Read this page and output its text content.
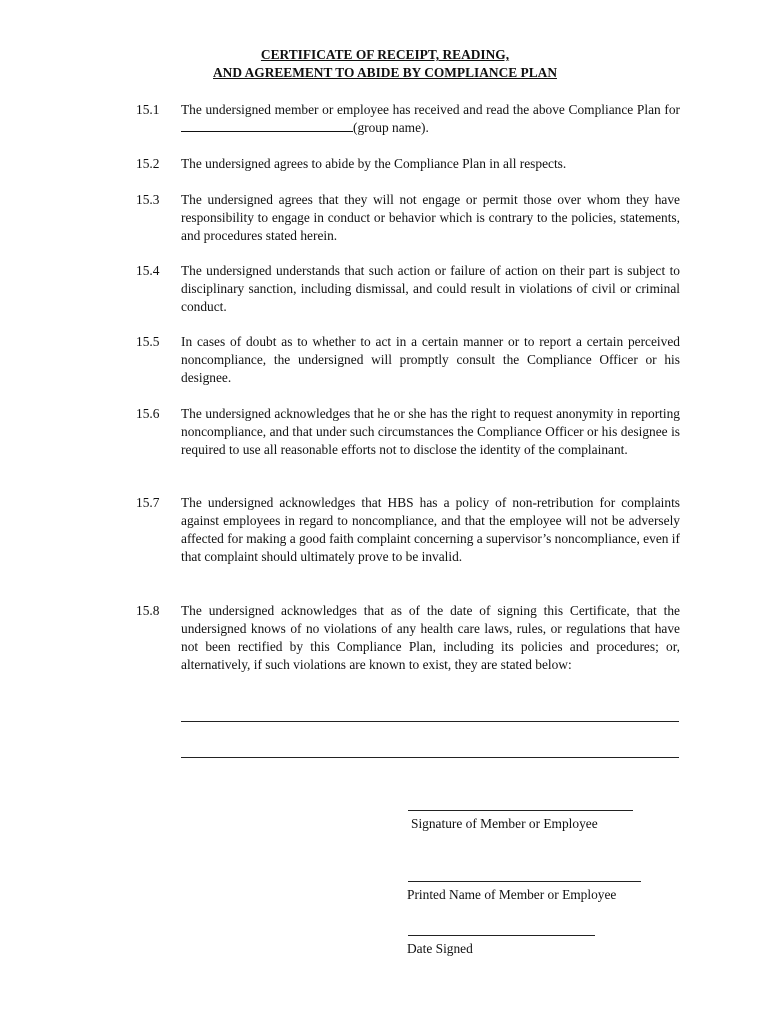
CERTIFICATE OF RECEIPT, READING,
AND AGREEMENT TO ABIDE BY COMPLIANCE PLAN
15.1	The undersigned member or employee has received and read the above Compliance Plan for (group name).
15.2	The undersigned agrees to abide by the Compliance Plan in all respects.
15.3	The undersigned agrees that they will not engage or permit those over whom they have responsibility to engage in conduct or behavior which is contrary to the policies, statements, and procedures stated herein.
15.4	The undersigned understands that such action or failure of action on their part is subject to disciplinary sanction, including dismissal, and could result in violations of civil or criminal conduct.
15.5	In cases of doubt as to whether to act in a certain manner or to report a certain perceived noncompliance, the undersigned will promptly consult the Compliance Officer or his designee.
15.6	The undersigned acknowledges that he or she has the right to request anonymity in reporting noncompliance, and that under such circumstances the Compliance Officer or his designee is required to use all reasonable efforts not to disclose the identity of the complainant.
15.7	The undersigned acknowledges that HBS has a policy of non-retribution for complaints against employees in regard to noncompliance, and that the employee will not be adversely affected for making a good faith complaint concerning a supervisor’s noncompliance, even if that complaint should ultimately prove to be invalid.
15.8	The undersigned acknowledges that as of the date of signing this Certificate, that the undersigned knows of no violations of any health care laws, rules, or regulations that have not been rectified by this Compliance Plan, including its policies and procedures; or, alternatively, if such violations are known to exist, they are stated below:
Signature of Member or Employee
Printed Name of Member or Employee
Date Signed
